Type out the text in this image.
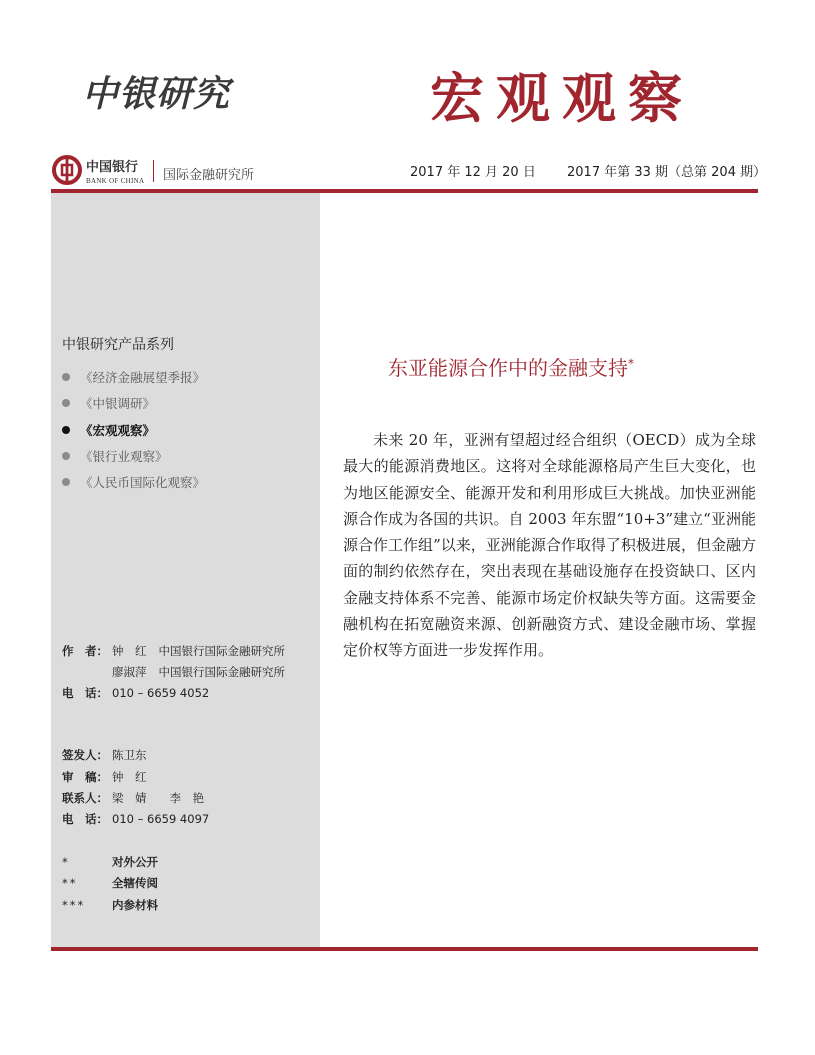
中银研究	宏观观察
中国银行
BANK OF CHINA 国际金融研究所	2017 年 12 月 20 日 2017 年第 33 期（总第 204 期）
中银研究产品系列
《经济金融展望季报》
《中银调研》
《宏观观察》
《银行业观察》
《人民币国际化观察》
作　者： 钟　红 中国银行国际金融研究所
廖淑萍 中国银行国际金融研究所
电　话： 010 – 6659 4052
签发人： 陈卫东
审　稿： 钟　红
联系人： 梁　婧　　李　艳
电　话： 010 – 6659 4097
*	对外公开
**	全辖传阅
*** 内参材料
东亚能源合作中的金融支持*

未来 20 年，亚洲有望超过经合组织（OECD）成为全球最大的能源消费地区。这将对全球能源格局产生巨大变化，也为地区能源安全、能源开发和利用形成巨大挑战。加快亚洲能源合作成为各国的共识。自 2003 年东盟“10+3”建立“亚洲能源合作工作组”以来，亚洲能源合作取得了积极进展，但金融方面的制约依然存在，突出表现在基础设施存在投资缺口、区内金融支持体系不完善、能源市场定价权缺失等方面。这需要金融机构在拓宽融资来源、创新融资方式、建设金融市场、掌握定价权等方面进一步发挥作用。
